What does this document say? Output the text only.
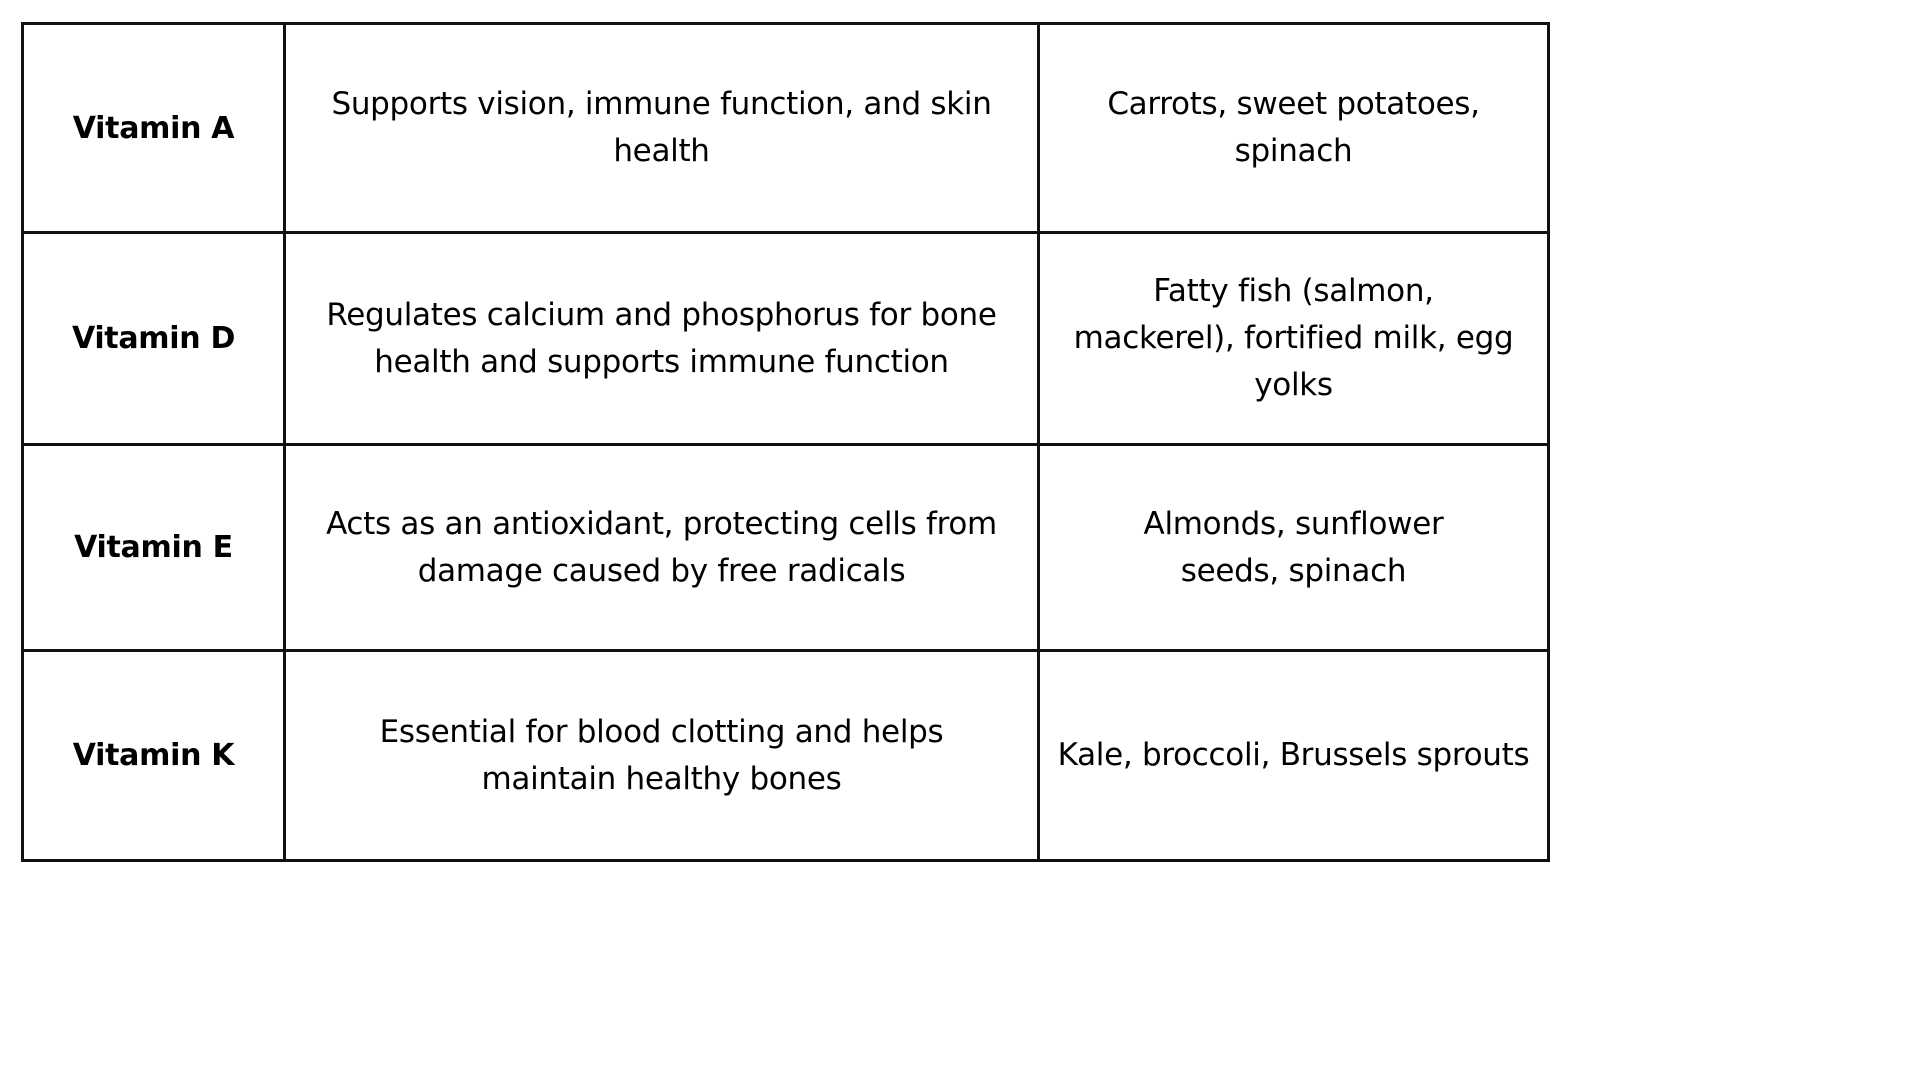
Vitamin A	Supports vision, immune function, and skin health	Carrots, sweet potatoes, spinach
Vitamin D	Regulates calcium and phosphorus for bone health and supports immune function	Fatty fish (salmon, mackerel), fortified milk, egg yolks
Vitamin E	Acts as an antioxidant, protecting cells from damage caused by free radicals	Almonds, sunflower seeds, spinach
Vitamin K	Essential for blood clotting and helps maintain healthy bones	Kale, broccoli, Brussels sprouts
